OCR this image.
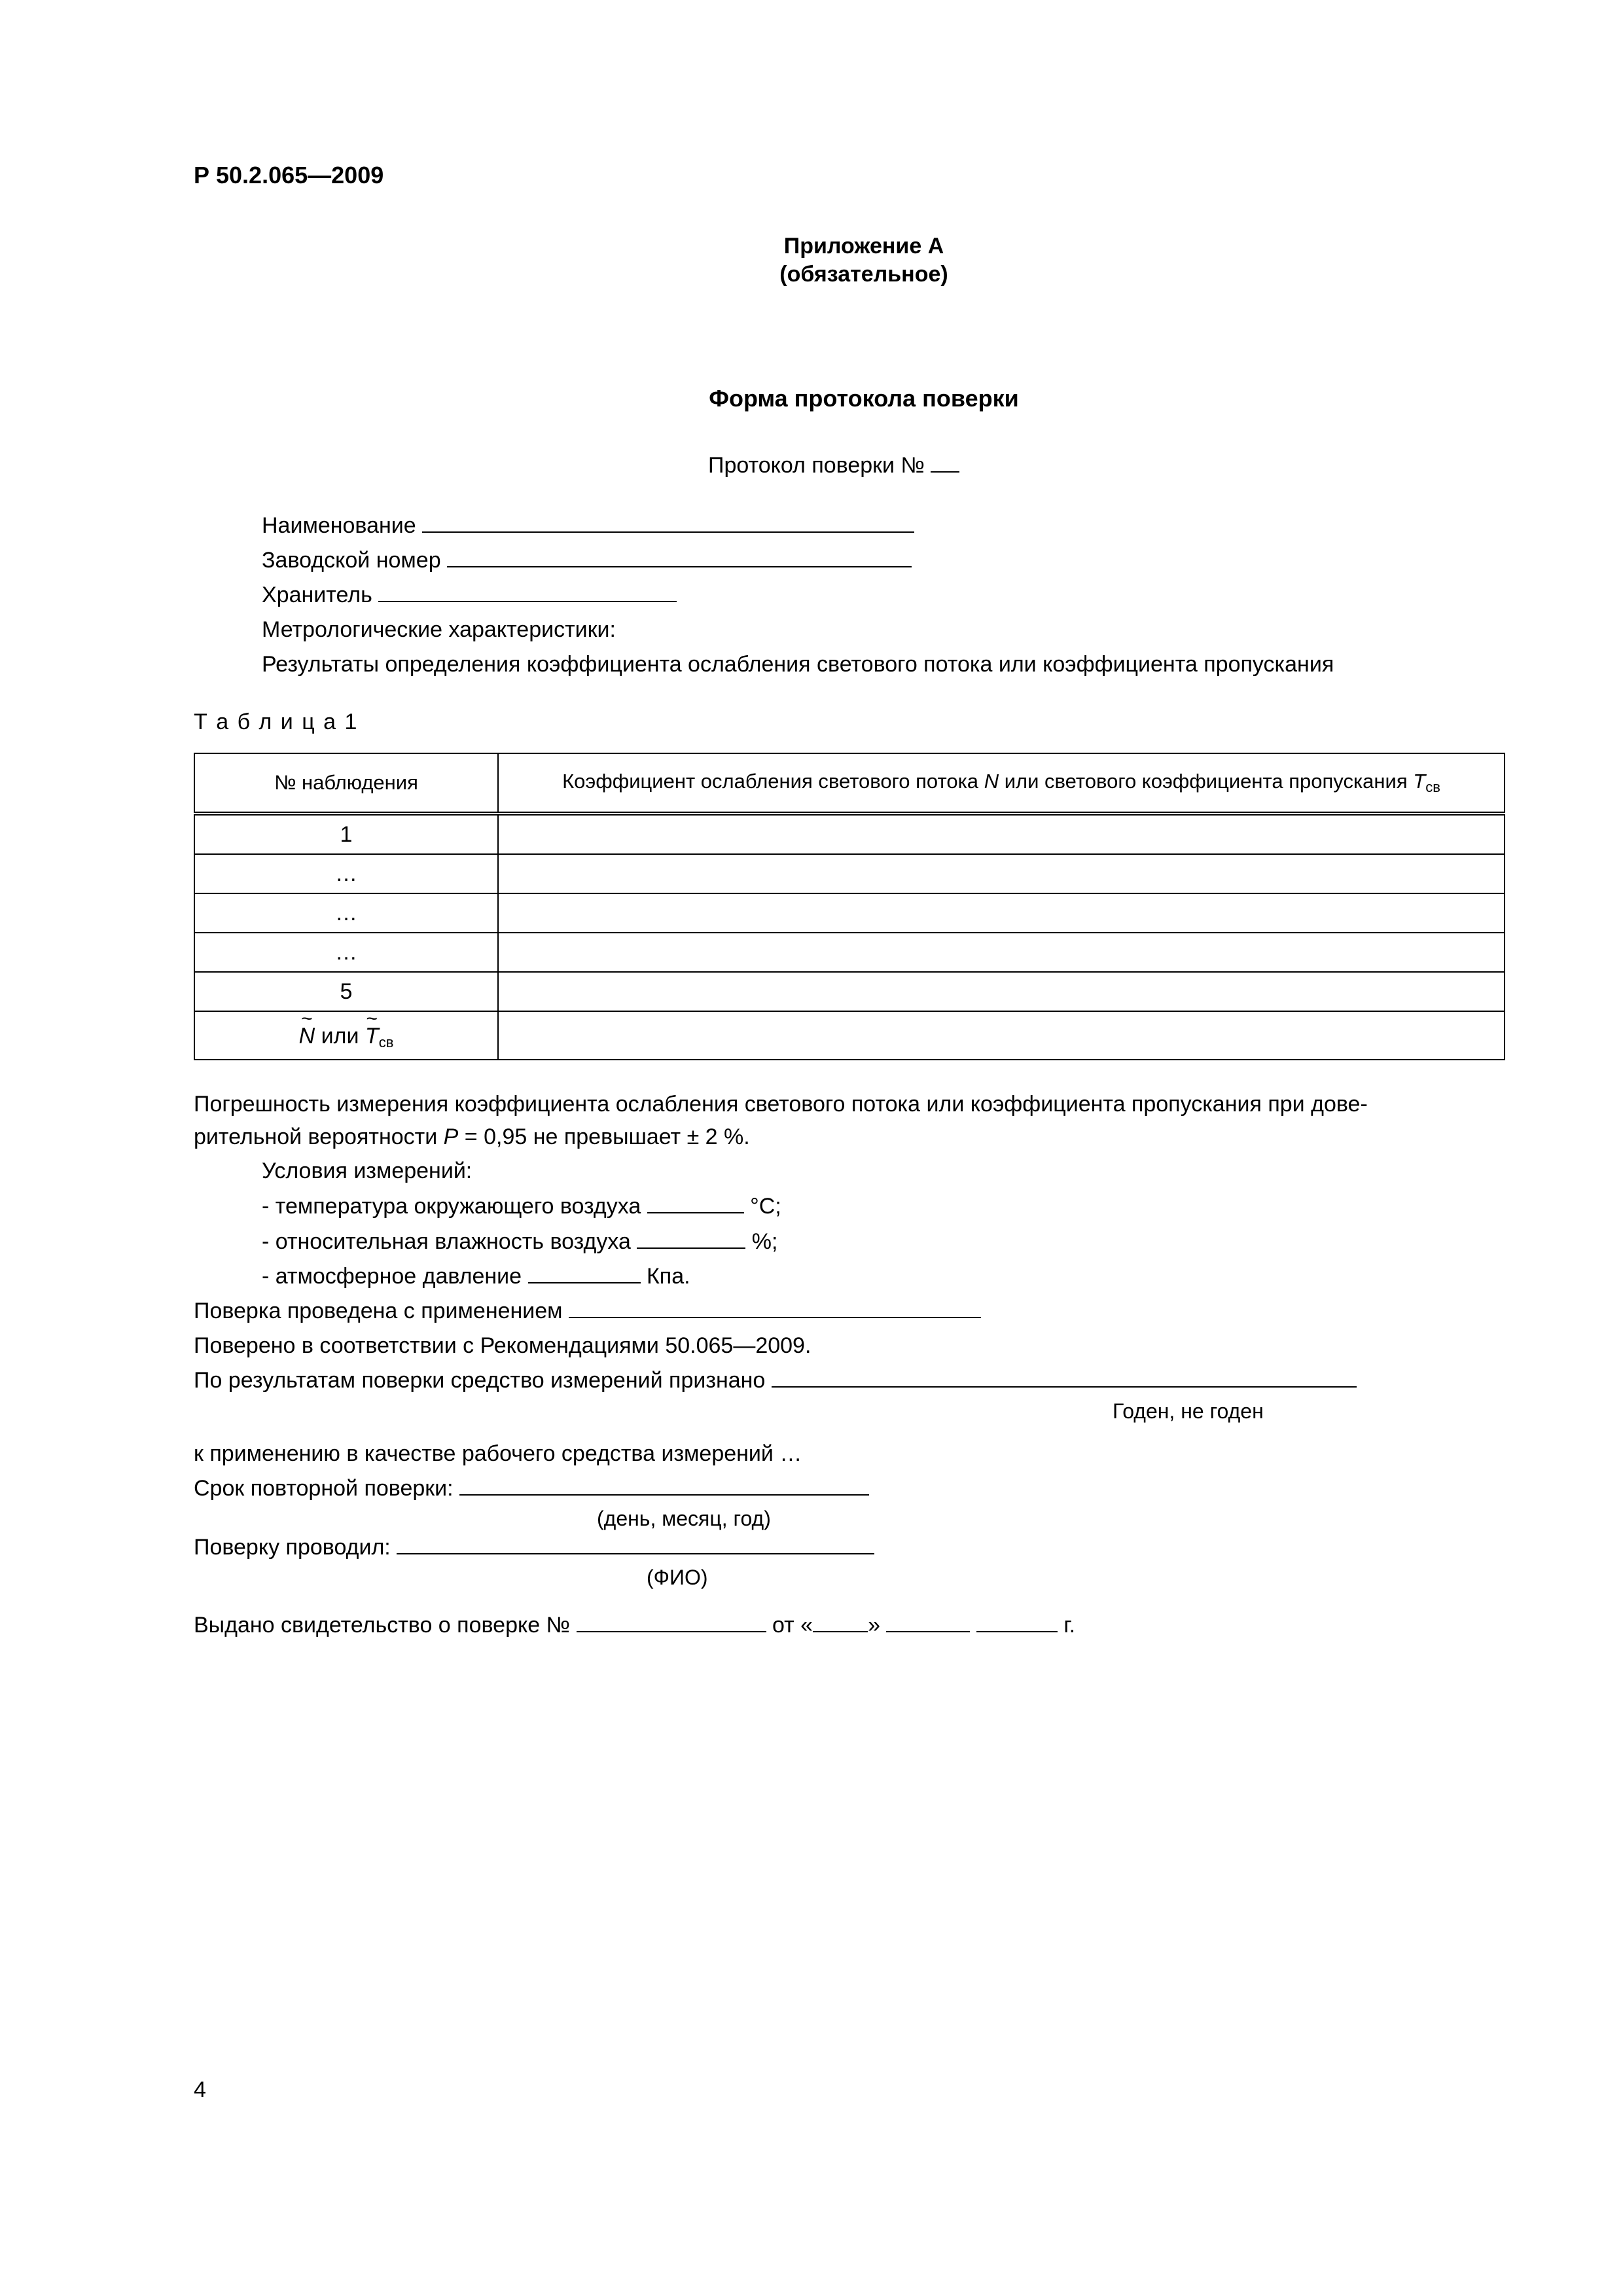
Р 50.2.065—2009
Приложение А
(обязательное)
Форма протокола поверки
Протокол поверки №
Наименование
Заводской номер
Хранитель
Метрологические характеристики:
Результаты определения коэффициента ослабления светового потока или коэффициента пропускания
Т а б л и ц а 1
№ наблюдения	Коэффициент ослабления светового потока N или светового коэффициента пропускания $T_{св}$
1	
…	
…	
…	
5	
~ N или ~ $T_{св}$	
Погрешность измерения коэффициента ослабления светового потока или коэффициента пропускания при дове-
рительной вероятности P = 0,95 не превышает ± 2 %.
Условия измерений:
- температура окружающего воздуха	°С;
- относительная влажность воздуха	%;
- атмосферное давление	Кпа.
Поверка проведена с применением
Поверено в соответствии с Рекомендациями 50.065—2009.
По результатам поверки средство измерений признано
Годен, не годен
к применению в качестве рабочего средства измерений …
Срок повторной поверки:
(день, месяц, год)
Поверку проводил:
(ФИО)
Выдано свидетельство о поверке №	от « »	г.
4
